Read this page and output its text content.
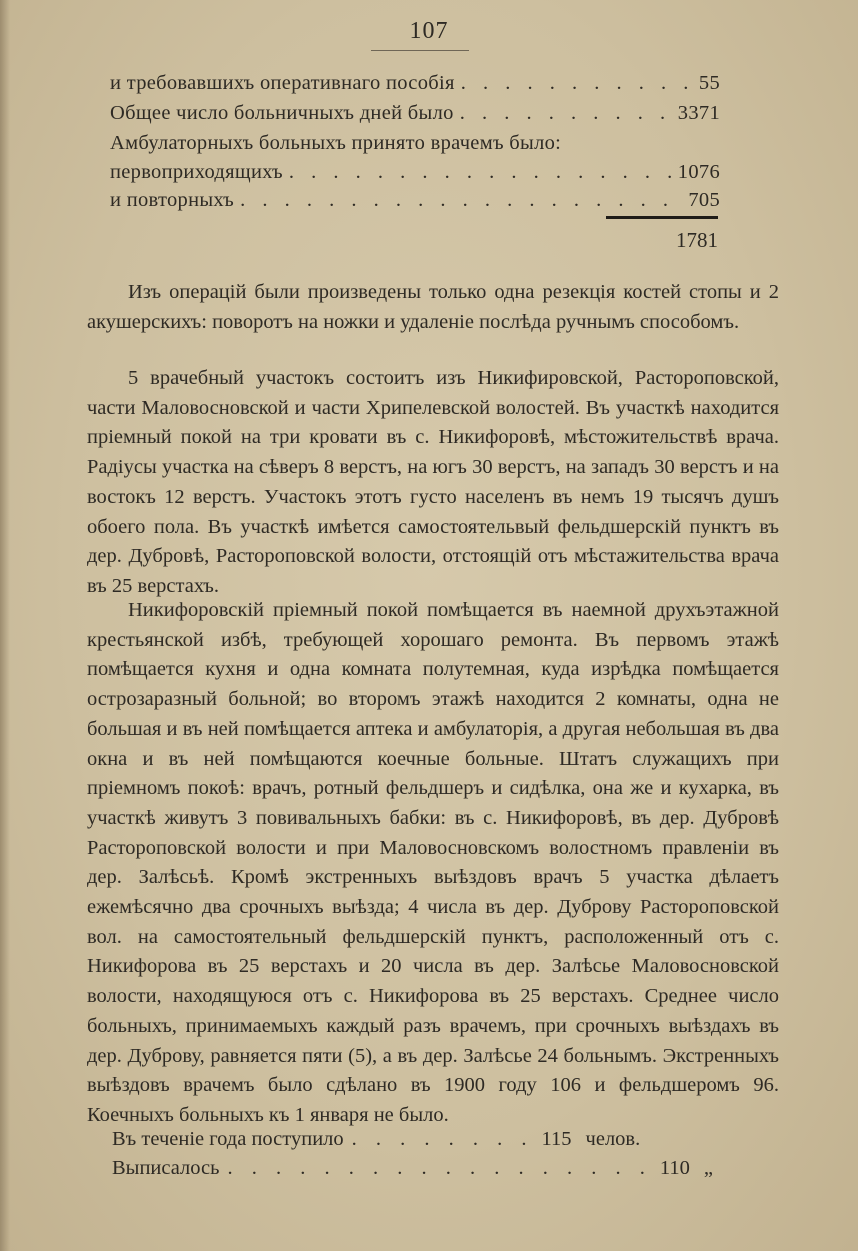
107
и требовавшихъ оперативнаго пособія . . .	55
Общее число больничныхъ дней было . . .	3371
Амбулаторныхъ больныхъ принято врачемъ было:
первоприходящихъ . . .	1076
и повторныхъ . . .	705
1781

Изъ операцій были произведены только одна резекція костей стопы и 2 акушерскихъ: поворотъ на ножки и удаленіе послѣда ручнымъ способомъ.

5 врачебный участокъ состоитъ изъ Никифировской, Растороповской, части Маловосновской и части Хрипелевской волостей. Въ участкѣ находится пріемный покой на три кровати въ с. Никифоровѣ, мѣстожительствѣ врача. Радіусы участка на сѣверъ 8 верстъ, на югъ 30 верстъ, на западъ 30 верстъ и на востокъ 12 верстъ. Участокъ этотъ густо населенъ въ немъ 19 тысячъ душъ обоего пола. Въ участкѣ имѣется самостоятельвый фельдшерскій пунктъ въ дер. Дубровѣ, Растороповской волости, отстоящій отъ мѣстажительства врача въ 25 верстахъ.

Никифоровскій пріемный покой помѣщается въ наемной друхъэтажной крестьянской избѣ, требующей хорошаго ремонта. Въ первомъ этажѣ помѣщается кухня и одна комната полутемная, куда изрѣдка помѣщается острозаразный больной; во второмъ этажѣ находится 2 комнаты, одна не большая и въ ней помѣщается аптека и амбулаторія, а другая небольшая въ два окна и въ ней помѣщаются коечные больные. Штатъ служащихъ при пріемномъ покоѣ: врачъ, ротный фельдшеръ и сидѣлка, она же и кухарка, въ участкѣ живутъ 3 повивальныхъ бабки: въ с. Никифоровѣ, въ дер. Дубровѣ Растороповской волости и при Маловосновскомъ волостномъ правленіи въ дер. Залѣсьѣ. Кромѣ экстренныхъ выѣздовъ врачъ 5 участка дѣлаетъ ежемѣсячно два срочныхъ выѣзда; 4 числа въ дер. Дуброву Растороповской вол. на самостоятельный фельдшерскій пунктъ, расположенный отъ с. Никифорова въ 25 верстахъ и 20 числа въ дер. Залѣсье Маловосновской волости, находящуюся отъ с. Никифорова въ 25 верстахъ. Среднее число больныхъ, принимаемыхъ каждый разъ врачемъ, при срочныхъ выѣздахъ въ дер. Дуброву, равняется пяти (5), а въ дер. Залѣсье 24 больнымъ. Экстренныхъ выѣздовъ врачемъ было сдѣлано въ 1900 году 106 и фельдшеромъ 96. Коечныхъ больныхъ къ 1 января не было.

Въ теченіе года поступило . . . . . . . . 115 челов.
Выписалось . . . . . . . . . . . . . . . . . . 110 „
